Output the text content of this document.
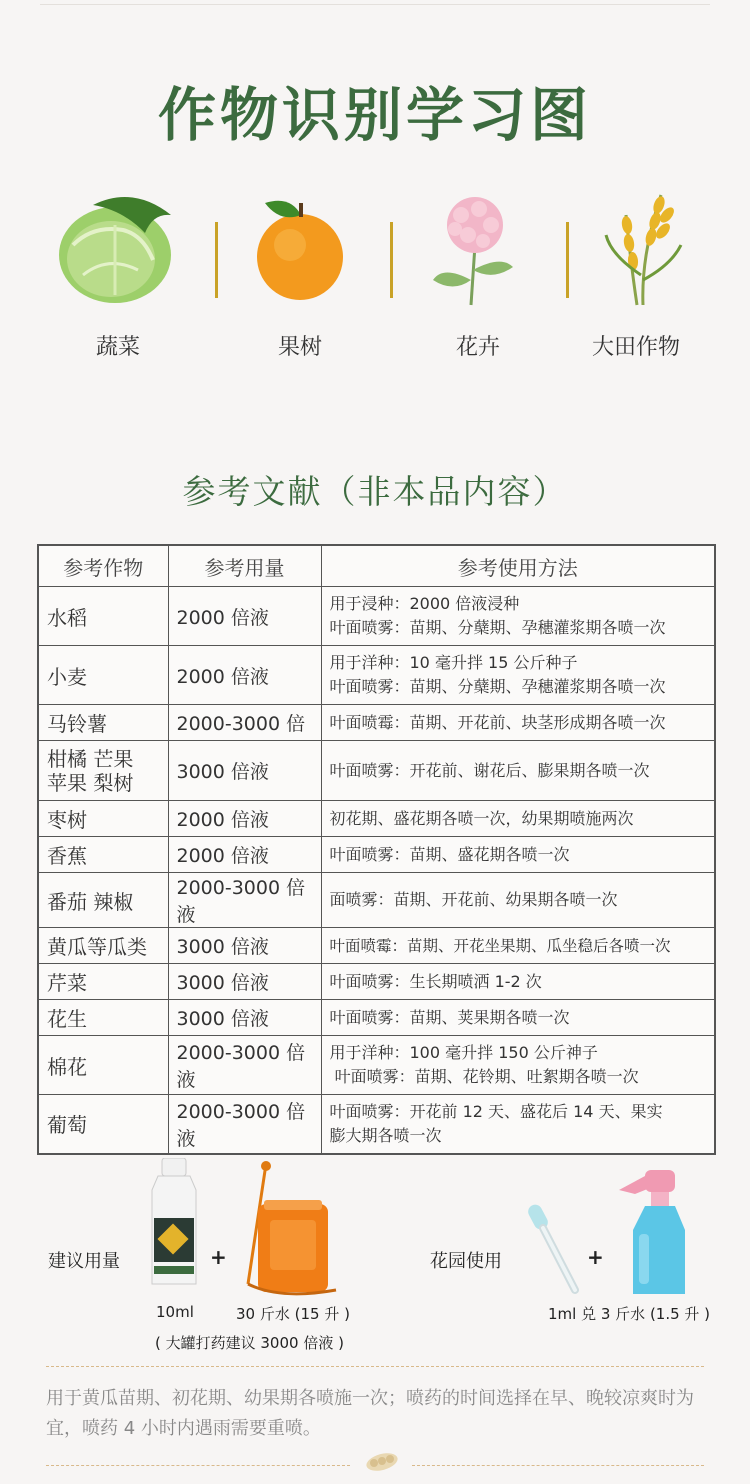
作物识别学习图
蔬菜	果树	花卉	大田作物
参考文献（非本品内容）
参考作物	参考用量	参考使用方法
水稻	2000 倍液	用于浸种：2000 倍液浸种
叶面喷雾：苗期、分蘖期、孕穗灌浆期各喷一次

小麦	2000 倍液	用于洋种：10 毫升拌 15 公斤种子
叶面喷雾：苗期、分蘖期、孕穗灌浆期各喷一次

马铃薯	2000-3000 倍	叶面喷霉：苗期、开花前、块茎形成期各喷一次
柑橘 芒果
苹果 梨树	3000 倍液	叶面喷雾：开花前、谢花后、膨果期各喷一次
枣树	2000 倍液	初花期、盛花期各喷一次，幼果期喷施两次
香蕉	2000 倍液	叶面喷雾：苗期、盛花期各喷一次
番茄 辣椒	2000-3000 倍液	面喷雾：苗期、开花前、幼果期各喷一次
黄瓜等瓜类	3000 倍液	叶面喷霉：苗期、开花坐果期、瓜坐稳后各喷一次
芹菜	3000 倍液	叶面喷雾：生长期喷洒 1-2 次
花生	3000 倍液	叶面喷雾：苗期、荚果期各喷一次
棉花	2000-3000 倍液	用于洋种：100 毫升拌 150 公斤神子
叶面喷雾：苗期、花铃期、吐絮期各喷一次

葡萄	2000-3000 倍液	叶面喷雾：开花前 12 天、盛花后 14 天、果实
膨大期各喷一次
建议用量	+
10ml	30 斤水 (15 升 )
( 大罐打药建议 3000 倍液 )
花园使用	+
1ml 兑 3 斤水 (1.5 升 )
用于黄瓜苗期、初花期、幼果期各喷施一次；喷药的时间选择在早、晚较凉爽时为宜，喷药 4 小时内遇雨需要重喷。
